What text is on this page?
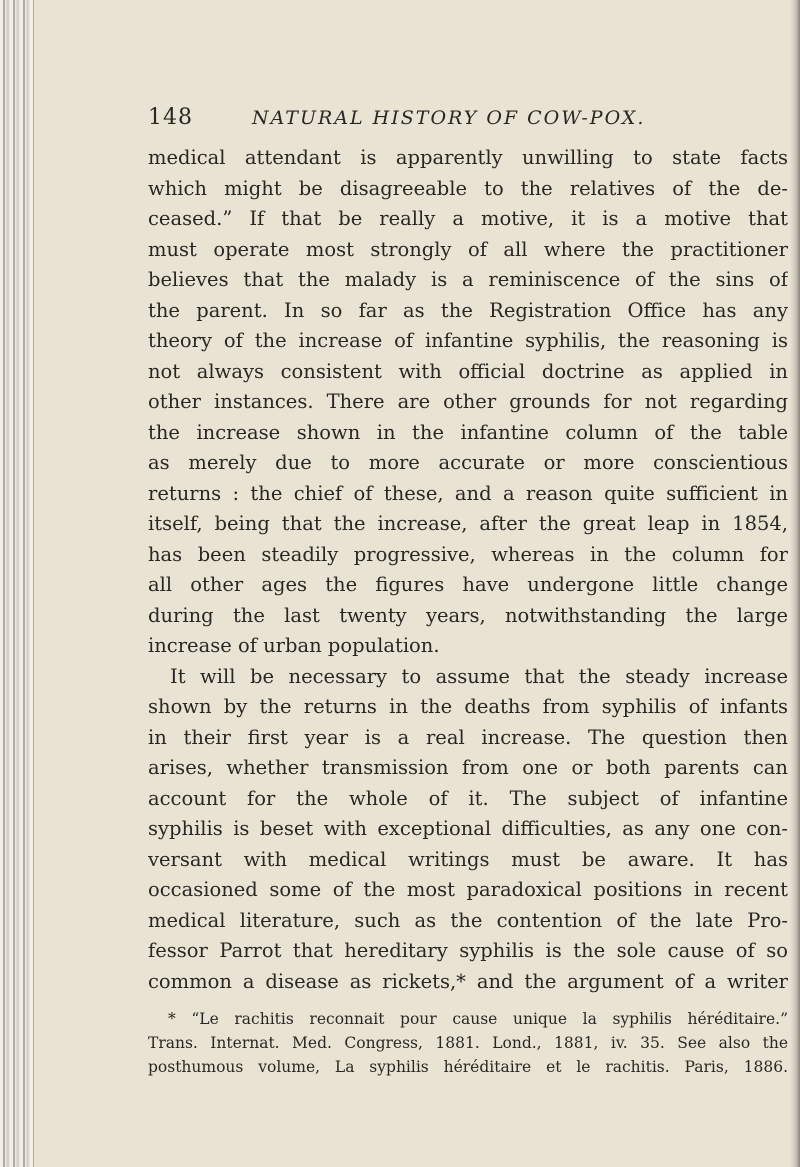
148	NATURAL HISTORY OF COW-POX.
medical attendant is apparently unwilling to state facts
which might be disagreeable to the relatives of the de-
ceased.” If that be really a motive, it is a motive that
must operate most strongly of all where the practitioner
believes that the malady is a reminiscence of the sins of
the parent. In so far as the Registration Office has any
theory of the increase of infantine syphilis, the reasoning is
not always consistent with official doctrine as applied in
other instances. There are other grounds for not regarding
the increase shown in the infantine column of the table
as merely due to more accurate or more conscientious
returns : the chief of these, and a reason quite sufficient in
itself, being that the increase, after the great leap in 1854,
has been steadily progressive, whereas in the column for
all other ages the figures have undergone little change
during the last twenty years, notwithstanding the large
increase of urban population.
It will be necessary to assume that the steady increase
shown by the returns in the deaths from syphilis of infants
in their first year is a real increase. The question then
arises, whether transmission from one or both parents can
account for the whole of it. The subject of infantine
syphilis is beset with exceptional difficulties, as any one con-
versant with medical writings must be aware. It has
occasioned some of the most paradoxical positions in recent
medical literature, such as the contention of the late Pro-
fessor Parrot that hereditary syphilis is the sole cause of so
common a disease as rickets,* and the argument of a writer
* “Le rachitis reconnait pour cause unique la syphilis héréditaire.”
Trans. Internat. Med. Congress, 1881. Lond., 1881, iv. 35. See also the
posthumous volume, La syphilis héréditaire et le rachitis. Paris, 1886.
